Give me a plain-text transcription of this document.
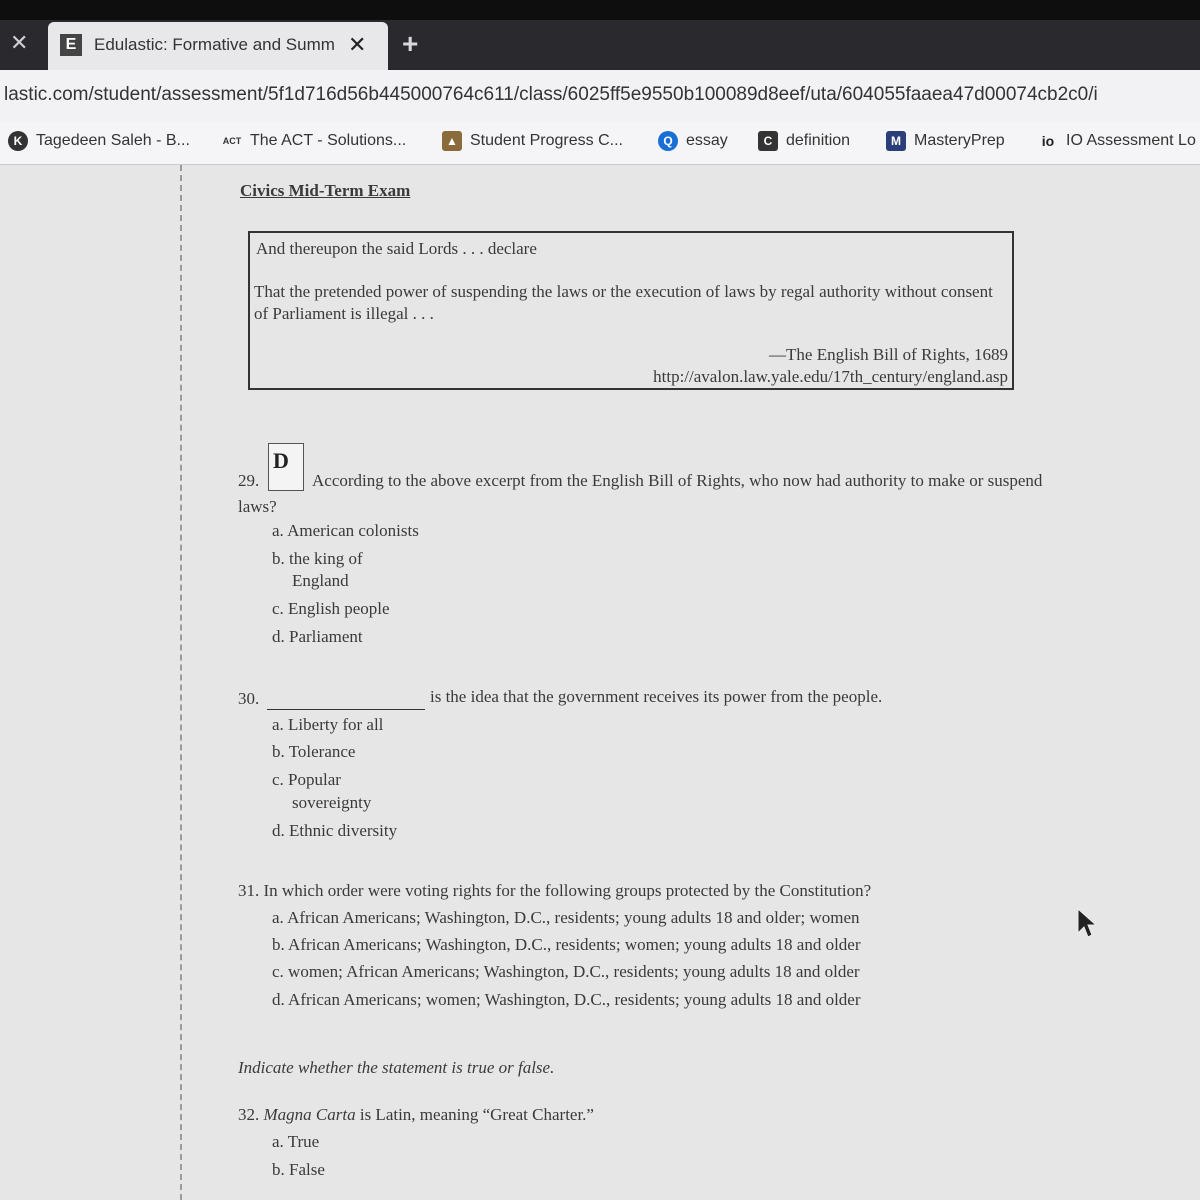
✕	E	Edulastic: Formative and Summ ✕ +
lastic.com/student/assessment/5f1d716d56b445000764c611/class/6025ff5e9550b100089d8eef/uta/604055faaea47d00074cb2c0/i
K Tagedeen Saleh - B...	ACT The ACT - Solutions...	▲ Student Progress C...	Q essay	C definition	M MasteryPrep	io IO Assessment Lo
Civics Mid-Term Exam
And thereupon the said Lords . . . declare
That the pretended power of suspending the laws or the execution of laws by regal authority without consent of Parliament is illegal . . .
—The English Bill of Rights, 1689
http://avalon.law.yale.edu/17th_century/england.asp
29.
D
According to the above excerpt from the English Bill of Rights, who now had authority to make or suspend
laws?
a. American colonists
b. the king of
England
c. English people
d. Parliament
30.	is the idea that the government receives its power from the people.
a. Liberty for all
b. Tolerance
c. Popular
sovereignty
d. Ethnic diversity
31. In which order were voting rights for the following groups protected by the Constitution?
a. African Americans; Washington, D.C., residents; young adults 18 and older; women
b. African Americans; Washington, D.C., residents; women; young adults 18 and older
c. women; African Americans; Washington, D.C., residents; young adults 18 and older
d. African Americans; women; Washington, D.C., residents; young adults 18 and older
Indicate whether the statement is true or false.
32. Magna Carta is Latin, meaning “Great Charter.”
a. True
b. False
